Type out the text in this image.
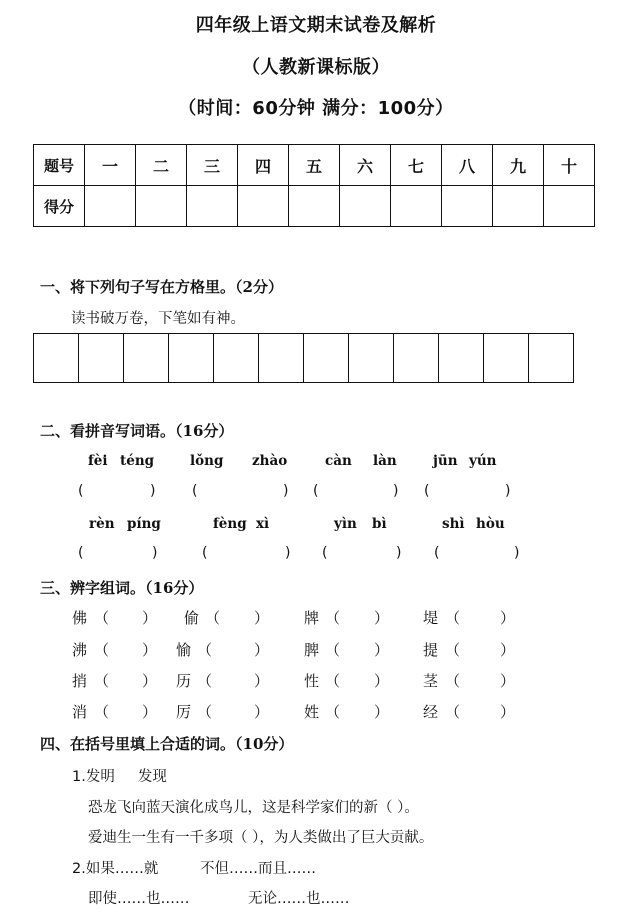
四年级上语文期末试卷及解析
（人教新课标版）
（时间：60分钟 满分：100分）
题号	一	二	三	四	五	六	七	八	九	十
得分										
一、将下列句子写在方格里。（2分）
读书破万卷，下笔如有神。
二、看拼音写词语。（16分）
fèi téng	lǒng zhào	càn làn	jūn yún
(	)	(	) (	) (	)
rèn píng	fèng xì	yìn bì	shì hòu
(	)	(	) (	) (	)
三、辨字组词。（16分）
佛 （ ） 偷 （ ） 牌 （ ） 堤 （	）
沸 （ ） 愉 （	） 脾 （ ） 提 （	）
捎 （ ） 历 （	） 性 （ ） 茎 （	）
消 （ ） 厉 （	） 姓 （ ） 经 （	）
四、在括号里填上合适的词。（10分）
1.发明     发现
恐龙飞向蓝天演化成鸟儿，这是科学家们的新（ ）。
爱迪生一生有一千多项（ ），为人类做出了巨大贡献。
2.如果……就	不但……而且……
即使……也……	无论……也……
